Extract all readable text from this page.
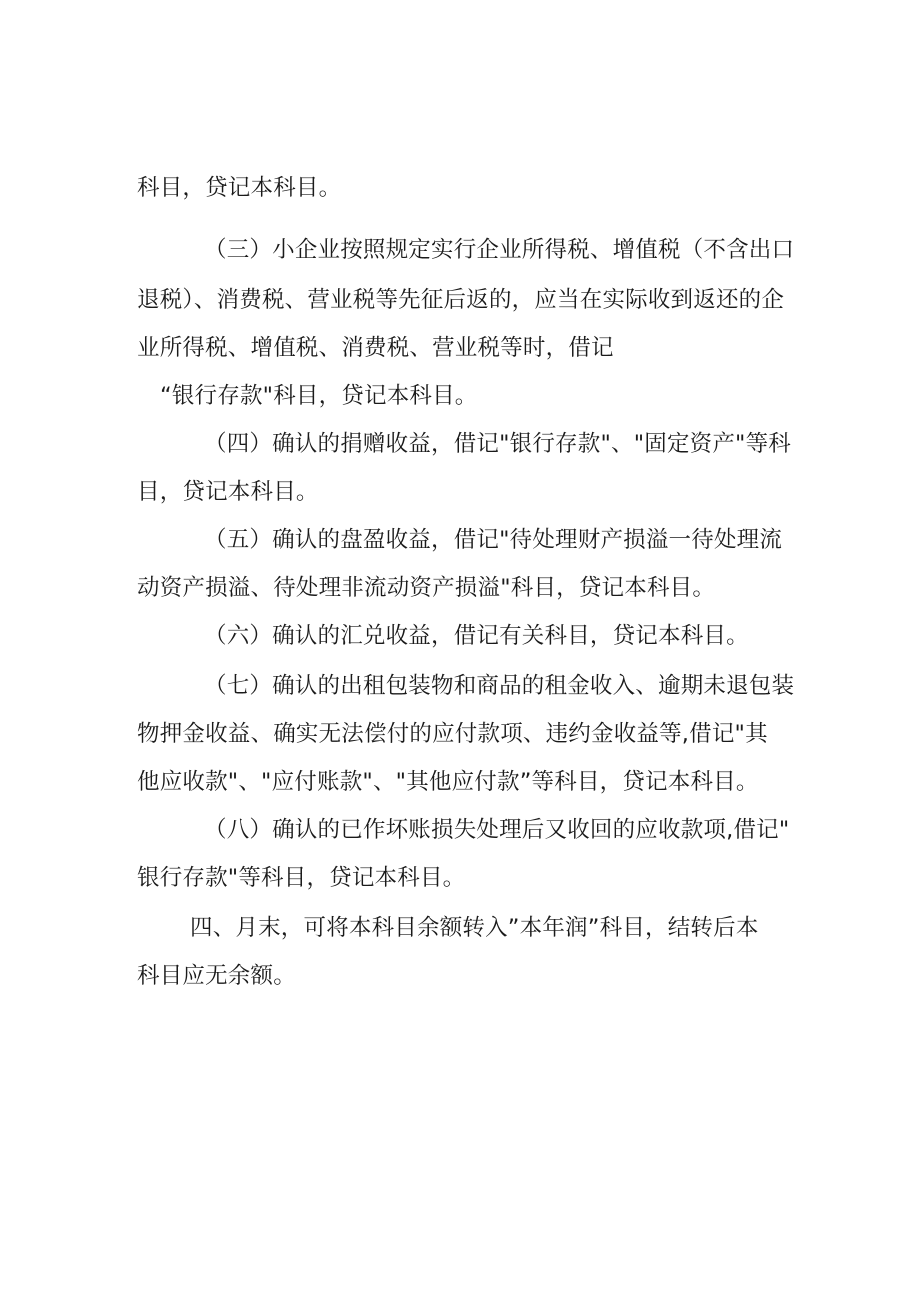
科目，贷记本科目。
（三）小企业按照规定实行企业所得税、增值税（不含出口
退税）、消费税、营业税等先征后返的，应当在实际收到返还的企
业所得税、增值税、消费税、营业税等时，借记
“银行存款"科目，贷记本科目。
（四）确认的捐赠收益，借记"银行存款"、"固定资产"等科
目，贷记本科目。
（五）确认的盘盈收益，借记"待处理财产损溢一待处理流
动资产损溢、待处理非流动资产损溢"科目，贷记本科目。
（六）确认的汇兑收益，借记有关科目，贷记本科目。
（七）确认的出租包装物和商品的租金收入、逾期未退包装
物押金收益、确实无法偿付的应付款项、违约金收益等,借记"其
他应收款"、"应付账款"、"其他应付款”等科目，贷记本科目。
（八）确认的已作坏账损失处理后又收回的应收款项,借记"
银行存款"等科目，贷记本科目。
四、月末，可将本科目余额转入”本年润”科目，结转后本
科目应无余额。
